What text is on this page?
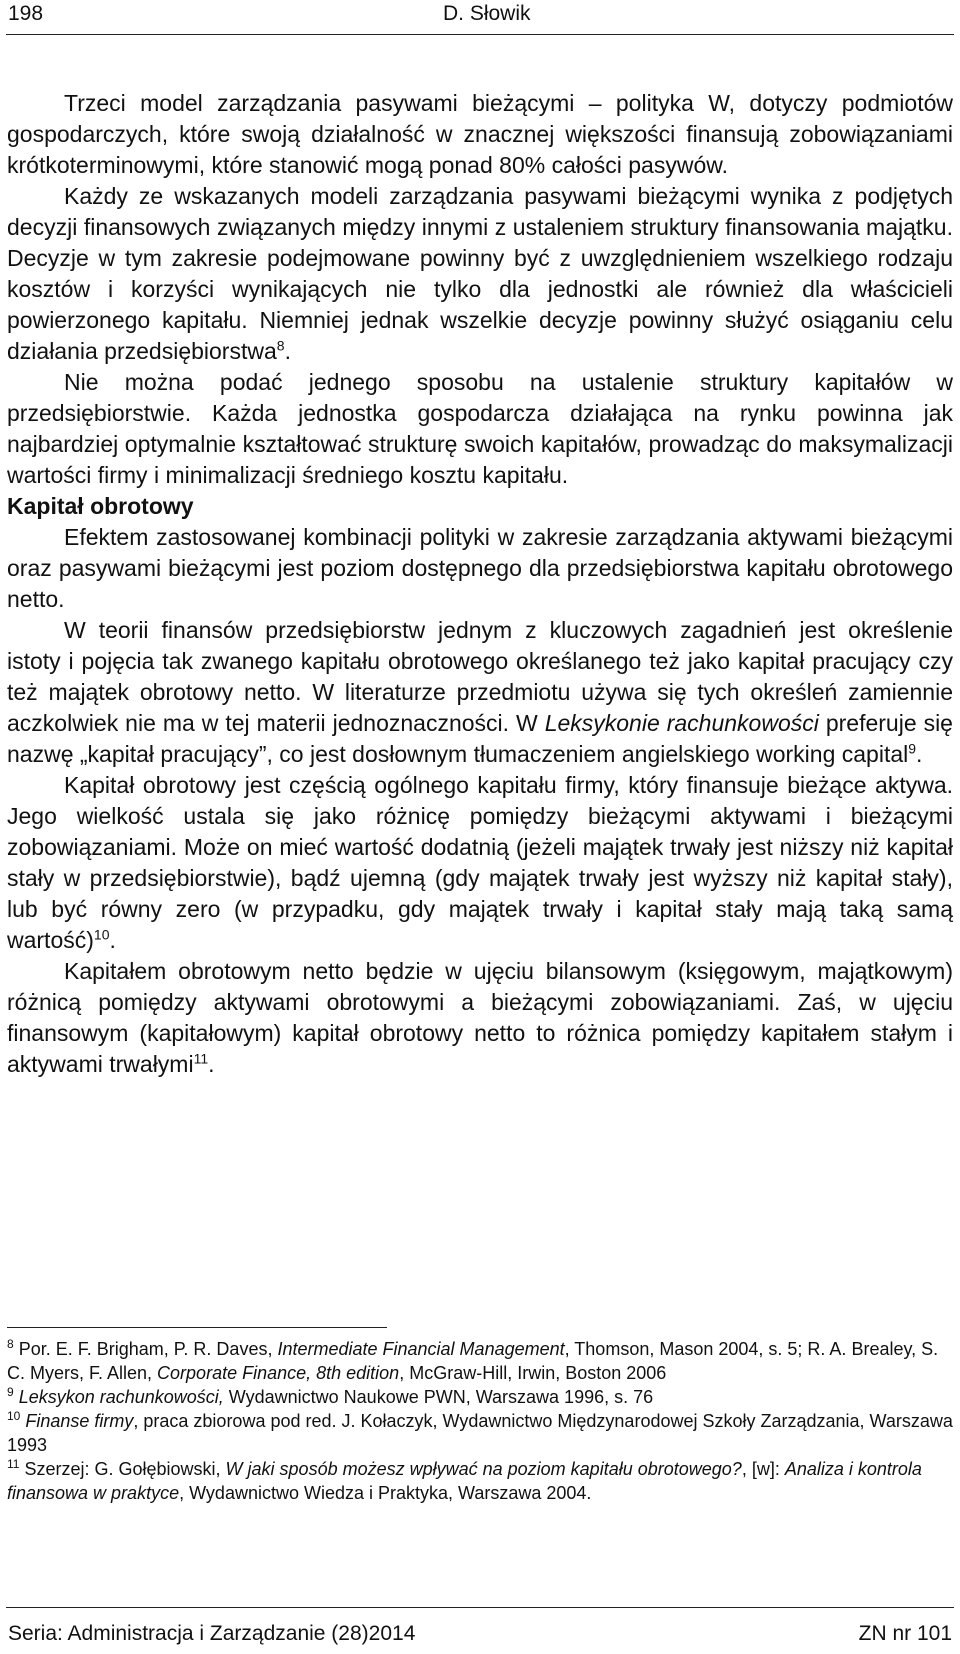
198	D. Słowik

Trzeci model zarządzania pasywami bieżącymi – polityka W, dotyczy podmiotów gospodarczych, które swoją działalność w znacznej większości finansują zobowiązaniami krótkoterminowymi, które stanowić mogą ponad 80% całości pasywów.

Każdy ze wskazanych modeli zarządzania pasywami bieżącymi wynika z podjętych decyzji finansowych związanych między innymi z ustaleniem struktury finansowania majątku. Decyzje w tym zakresie podejmowane powinny być z uwzględnieniem wszelkiego rodzaju kosztów i korzyści wynikających nie tylko dla jednostki ale również dla właścicieli powierzonego kapitału. Niemniej jednak wszelkie decyzje powinny służyć osiąganiu celu działania przedsiębiorstwa$^8$.

Nie można podać jednego sposobu na ustalenie struktury kapitałów w przedsiębiorstwie. Każda jednostka gospodarcza działająca na rynku powinna jak najbardziej optymalnie kształtować strukturę swoich kapitałów, prowadząc do maksymalizacji wartości firmy i minimalizacji średniego kosztu kapitału.

Kapitał obrotowy

Efektem zastosowanej kombinacji polityki w zakresie zarządzania aktywami bieżącymi oraz pasywami bieżącymi jest poziom dostępnego dla przedsiębiorstwa kapitału obrotowego netto.

W teorii finansów przedsiębiorstw jednym z kluczowych zagadnień jest określenie istoty i pojęcia tak zwanego kapitału obrotowego określanego też jako kapitał pracujący czy też majątek obrotowy netto. W literaturze przedmiotu używa się tych określeń zamiennie aczkolwiek nie ma w tej materii jednoznaczności. W Leksykonie rachunkowości preferuje się nazwę „kapitał pracujący”, co jest dosłownym tłumaczeniem angielskiego working capital$^9$.

Kapitał obrotowy jest częścią ogólnego kapitału firmy, który finansuje bieżące aktywa. Jego wielkość ustala się jako różnicę pomiędzy bieżącymi aktywami i bieżącymi zobowiązaniami. Może on mieć wartość dodatnią (jeżeli majątek trwały jest niższy niż kapitał stały w przedsiębiorstwie), bądź ujemną (gdy majątek trwały jest wyższy niż kapitał stały), lub być równy zero (w przypadku, gdy majątek trwały i kapitał stały mają taką samą wartość)$^{10}$.

Kapitałem obrotowym netto będzie w ujęciu bilansowym (księgowym, majątkowym) różnicą pomiędzy aktywami obrotowymi a bieżącymi zobowiązaniami. Zaś, w ujęciu finansowym (kapitałowym) kapitał obrotowy netto to różnica pomiędzy kapitałem stałym i aktywami trwałymi$^{11}$.

$^8$ Por. E. F. Brigham, P. R. Daves, Intermediate Financial Management, Thomson, Mason 2004, s. 5; R. A. Brealey, S. C. Myers, F. Allen, Corporate Finance, 8th edition, McGraw-Hill, Irwin, Boston 2006

$^9$ Leksykon rachunkowości, Wydawnictwo Naukowe PWN, Warszawa 1996, s. 76

$^{10}$ Finanse firmy, praca zbiorowa pod red. J. Kołaczyk, Wydawnictwo Międzynarodowej Szkoły Zarządzania, Warszawa 1993

$^{11}$ Szerzej: G. Gołębiowski, W jaki sposób możesz wpływać na poziom kapitału obrotowego?, [w]: Analiza i kontrola finansowa w praktyce, Wydawnictwo Wiedza i Praktyka, Warszawa 2004.

Seria: Administracja i Zarządzanie (28)2014	ZN nr 101
